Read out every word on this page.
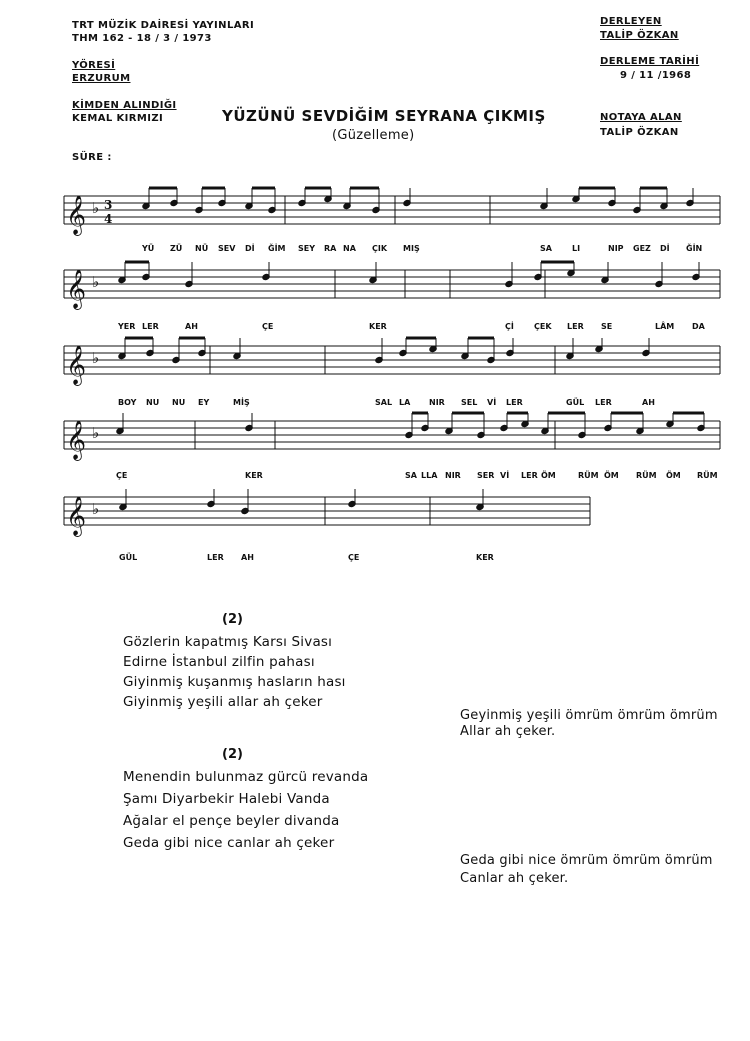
TRT MÜZİK DAİRESİ YAYINLARI
THM 162 - 18 / 3 / 1973
YÖRESİ
ERZURUM
KİMDEN ALINDIĞI
KEMAL KIRMIZI
SÜRE :
DERLEYEN
TALİP ÖZKAN
DERLEME TARİHİ
9 / 11 /1968
NOTAYA ALAN
TALİP ÖZKAN
YÜZÜNÜ SEVDİĞİM SEYRANA ÇIKMIŞ
(Güzelleme)
𝄞 ♭ 3
4
𝄞 ♭
𝄞 ♭
𝄞 ♭
𝄞 ♭
YÜ ZÜ NÜ SEV Dİ ĞİM SEY RA NA ÇIK MIŞ	SA	LI	NIP GEZ Dİ ĞİN
YER LER	AH	ÇE	KER	Çİ	ÇEK LER SE	LÂM DA
BOY NU NU EY	MİŞ	SAL LA NIR SEL Vİ LER	GÜL LER	AH
ÇE	KER	SA LLA NIR SER Vİ LER ÖM	RÜM ÖM RÜM ÖM RÜM
GÜL	LER AH	ÇE	KER
(2)
Gözlerin kapatmış Karsı Sivası
Edirne İstanbul zilfin pahası
Giyinmiş kuşanmış hasların hası
Giyinmiş yeşili allar ah çeker
Geyinmiş yeşili ömrüm ömrüm ömrüm
Allar ah çeker.
(2)
Menendin bulunmaz gürcü revanda
Şamı Diyarbekir Halebi Vanda
Ağalar el pençe beyler divanda
Geda gibi nice canlar ah çeker
Geda gibi nice ömrüm ömrüm ömrüm
Canlar ah çeker.
